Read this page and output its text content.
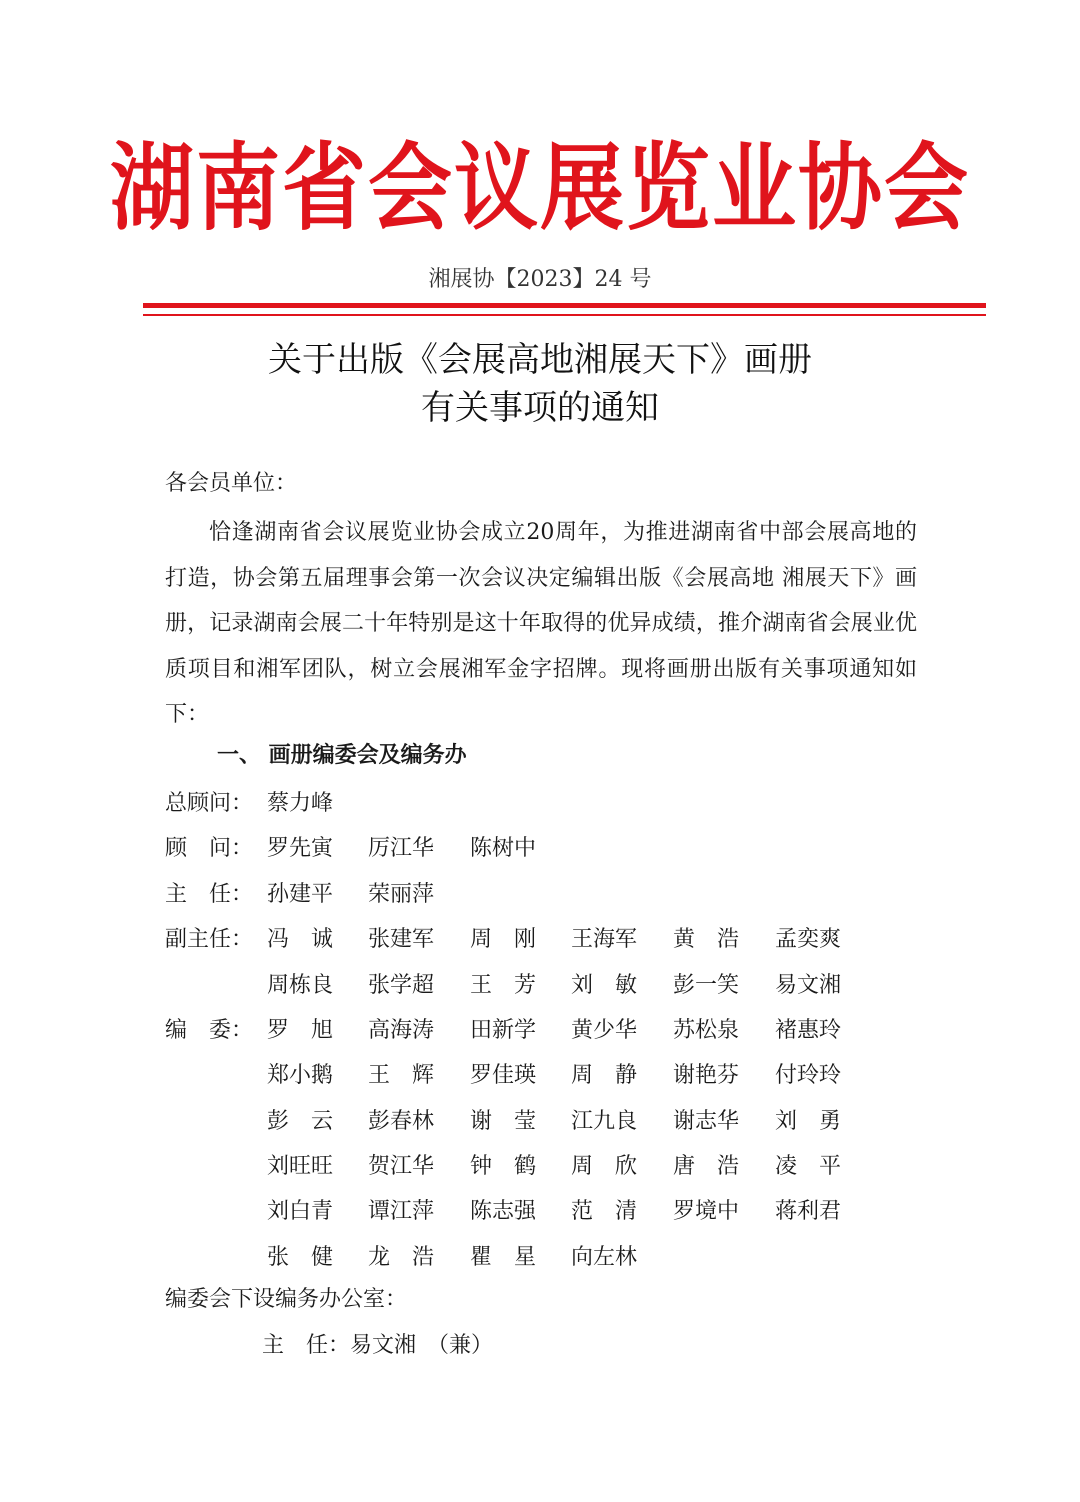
湖南省会议展览业协会
湘展协【2023】24 号
关于出版《会展高地湘展天下》画册
有关事项的通知
各会员单位：

恰逢湖南省会议展览业协会成立20周年，为推进湖南省中部会展高地的打造，协会第五届理事会第一次会议决定编辑出版《会展高地 湘展天下》画册，记录湖南会展二十年特别是这十年取得的优异成绩，推介湖南省会展业优质项目和湘军团队，树立会展湘军金字招牌。现将画册出版有关事项通知如下：

一、 画册编委会及编务办
总顾问： 蔡力峰
顾　问： 罗先寅 厉江华 陈树中
主　任： 孙建平 荣丽萍
副主任： 冯　诚 张建军 周　刚 王海军 黄　浩 孟奕爽
周栋良 张学超 王　芳 刘　敏 彭一笑 易文湘
编　委： 罗　旭 高海涛 田新学 黄少华 苏松泉 褚惠玲
郑小鹅 王　辉 罗佳瑛 周　静 谢艳芬 付玲玲
彭　云 彭春林 谢　莹 江九良 谢志华 刘　勇
刘旺旺 贺江华 钟　鹤 周　欣 唐　浩 凌　平
刘白青 谭江萍 陈志强 范　清 罗境中 蒋利君
张　健 龙　浩 瞿　星 向左林
编委会下设编务办公室：
主　任：易文湘　（兼）
